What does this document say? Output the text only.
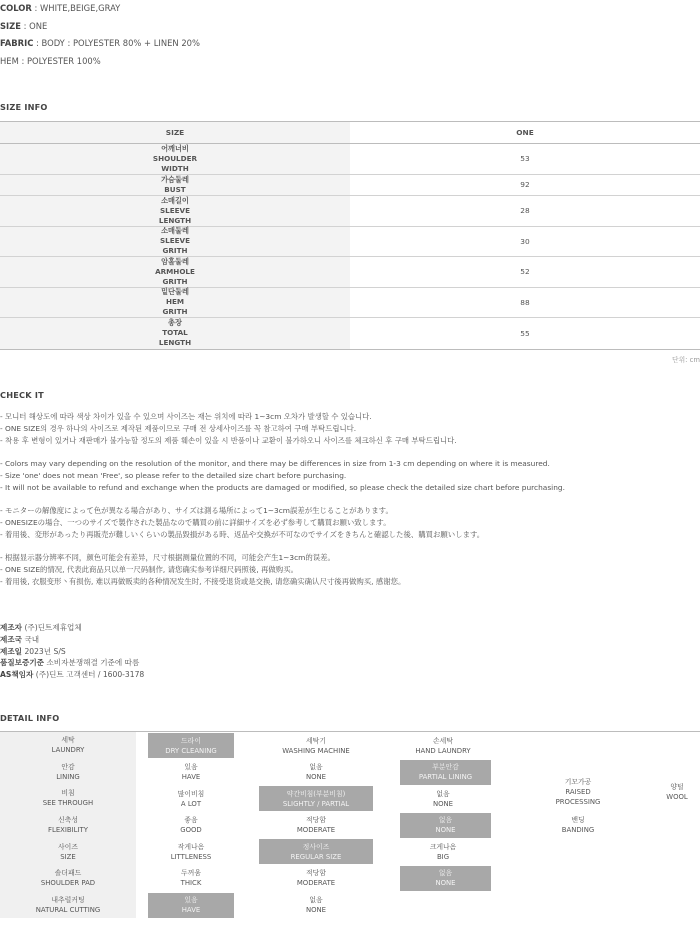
COLOR : WHITE,BEIGE,GRAY
SIZE : ONE
FABRIC : BODY : POLYESTER 80% + LINEN 20%
HEM : POLYESTER 100%
SIZE INFO
SIZE	ONE
어깨너비
SHOULDER
WIDTH
53
가슴둘레
BUST	92
소매길이
SLEEVE
LENGTH
28
소매둘레
SLEEVE
GRITH
30
암홀둘레
ARMHOLE
GRITH
52
밑단둘레
HEM
GRITH
88
총장
TOTAL
LENGTH
55
단위: cm
CHECK IT
- 모니터 해상도에 따라 색상 차이가 있을 수 있으며 사이즈는 재는 위치에 따라 1~3cm 오차가 발생할 수 있습니다.
- ONE SIZE의 경우 하나의 사이즈로 제작된 제품이므로 구매 전 상세사이즈를 꼭 참고하여 구매 부탁드립니다.
- 착용 후 변형이 있거나 재판매가 불가능할 정도의 제품 훼손이 있을 시 반품이나 교환이 불가하오니 사이즈를 체크하신 후 구매 부탁드립니다.
- Colors may vary depending on the resolution of the monitor, and there may be differences in size from 1-3 cm depending on where it is measured.
- Size 'one' does not mean 'Free', so please refer to the detailed size chart before purchasing.
- It will not be available to refund and exchange when the products are damaged or modified, so please check the detailed size chart before purchasing.
- モニターの解像度によって色が異なる場合があり、サイズは測る場所によって1~3cm誤差が生じることがあります。
- ONESIZEの場合、一つのサイズで製作された製品なので購買の前に詳細サイズを必ず参考して購買お願い致します。
- 着用後、変形があったり再販売が難しいくらいの製品毀損がある時、返品や交換が不可なのでサイズをきちんと確認した後、購買お願いします。
- 根据显示器分辨率不同，颜色可能会有差异，尺寸根据测量位置的不同，可能会产生1~3cm的误差。
- ONE SIZE的情况, 代表此商品只以单一尺码制作, 请您确实参考详细尺码照後, 再做购买。
- 着用後, 衣服变形丶有损伤, 难以再做贩卖的各种情况发生时, 不接受退货或是交换, 请您确实确认尺寸後再做购买, 感谢您。
제조자 (주)딘트제휴업체
제조국 국내
제조일 2023년 S/S
품질보증기준 소비자분쟁해결 기준에 따름
AS책임자 (주)딘트 고객센터 / 1600-3178
DETAIL INFO
세탁
LAUNDRY
드라이
DRY CLEANING
세탁기
WASHING MACHINE
손세탁
HAND LAUNDRY
안감
LINING
있음
HAVE
없음
NONE
부분안감
PARTIAL LINING
기모가공
RAISED
PROCESSING
양털
WOOL
비침
SEE THROUGH
많이비침
A LOT
약간비침(부분비침)
SLIGHTLY / PARTIAL
없음
NONE
신축성
FLEXIBILITY
좋음
GOOD
적당함
MODERATE
없음
NONE
밴딩
BANDING
사이즈
SIZE
작게나옴
LITTLENESS
정사이즈
REGULAR SIZE
크게나옴
BIG
숄더패드
SHOULDER PAD
두꺼움
THICK
적당함
MODERATE
없음
NONE
내추럴커팅
NATURAL CUTTING
있음
HAVE
없음
NONE
